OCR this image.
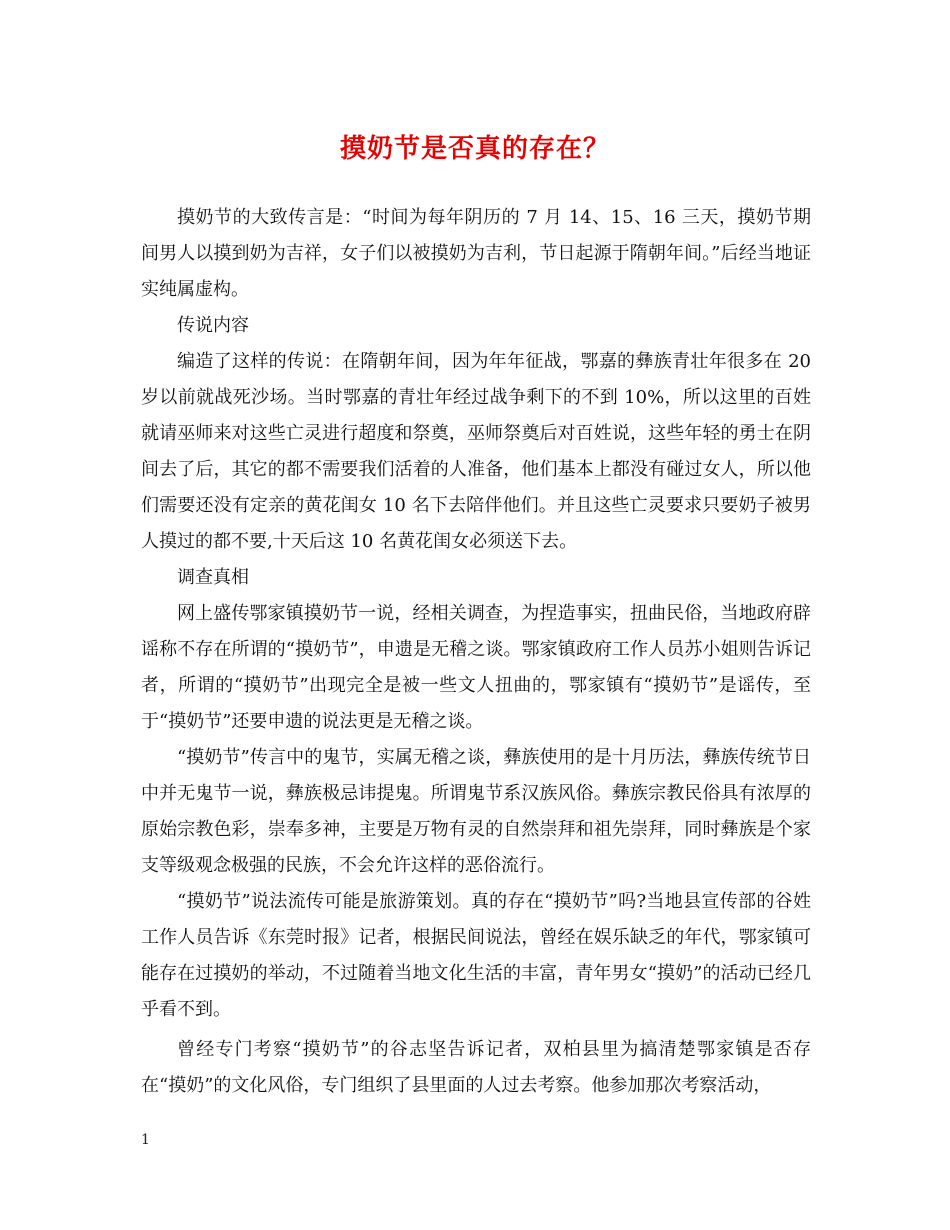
摸奶节是否真的存在？

摸奶节的大致传言是：“时间为每年阴历的 7 月 14、15、16 三天，摸奶节期间男人以摸到奶为吉祥，女子们以被摸奶为吉利，节日起源于隋朝年间。”后经当地证实纯属虚构。

传说内容

编造了这样的传说：在隋朝年间，因为年年征战，鄂嘉的彝族青壮年很多在 20 岁以前就战死沙场。当时鄂嘉的青壮年经过战争剩下的不到 10%，所以这里的百姓就请巫师来对这些亡灵进行超度和祭奠，巫师祭奠后对百姓说，这些年轻的勇士在阴间去了后，其它的都不需要我们活着的人准备，他们基本上都没有碰过女人，所以他们需要还没有定亲的黄花闺女 10 名下去陪伴他们。并且这些亡灵要求只要奶子被男人摸过的都不要,十天后这 10 名黄花闺女必须送下去。

调查真相

网上盛传鄂家镇摸奶节一说，经相关调查，为捏造事实，扭曲民俗，当地政府辟谣称不存在所谓的“摸奶节”，申遗是无稽之谈。鄂家镇政府工作人员苏小姐则告诉记者，所谓的“摸奶节”出现完全是被一些文人扭曲的，鄂家镇有“摸奶节”是谣传，至于“摸奶节”还要申遗的说法更是无稽之谈。

“摸奶节”传言中的鬼节，实属无稽之谈，彝族使用的是十月历法，彝族传统节日中并无鬼节一说，彝族极忌讳提鬼。所谓鬼节系汉族风俗。彝族宗教民俗具有浓厚的原始宗教色彩，崇奉多神，主要是万物有灵的自然崇拜和祖先崇拜，同时彝族是个家支等级观念极强的民族，不会允许这样的恶俗流行。

“摸奶节”说法流传可能是旅游策划。真的存在“摸奶节”吗?当地县宣传部的谷姓工作人员告诉《东莞时报》记者，根据民间说法，曾经在娱乐缺乏的年代，鄂家镇可能存在过摸奶的举动，不过随着当地文化生活的丰富，青年男女“摸奶”的活动已经几乎看不到。

曾经专门考察“摸奶节”的谷志坚告诉记者，双柏县里为搞清楚鄂家镇是否存在“摸奶”的文化风俗，专门组织了县里面的人过去考察。他参加那次考察活动，

1
